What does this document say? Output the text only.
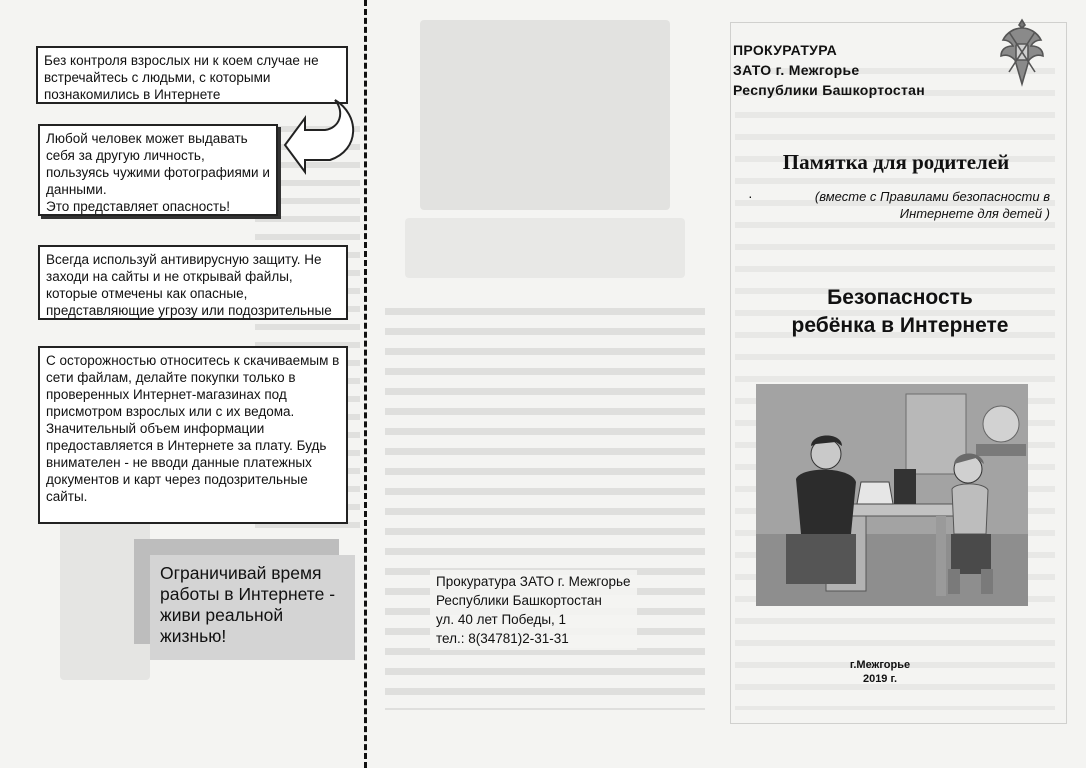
Без контроля взрослых ни к коем случае не встречайтесь с людьми, с которыми познакомились в Интернете

Любой человек может выдавать себя за другую личность, пользуясь чужими фотографиями и данными.

Это представляет опасность!

Всегда используй антивирусную защиту. Не заходи на сайты и не открывай файлы, которые отмечены как опасные, представляющие угрозу или подозрительные

С осторожностью относитесь к скачиваемым в сети файлам, делайте покупки только в проверенных Интернет-магазинах под присмотром взрослых или с их ведома.

Значительный объем информации предоставляется в Интернете за плату. Будь внимателен - не вводи данные платежных документов и карт через подозрительные сайты.

Ограничивай время работы в Интернете - живи реальной жизнью!
Прокуратура ЗАТО г. Межгорье
Республики Башкортостан
ул. 40 лет Победы, 1
тел.: 8(34781)2-31-31
ПРОКУРАТУРА
ЗАТО г. Межгорье
Республики Башкортостан
Памятка для родителей
·	(вместе с Правилами безопасности в Интернете для детей )
Безопасность
ребёнка в Интернете
г.Межгорье
2019 г.
